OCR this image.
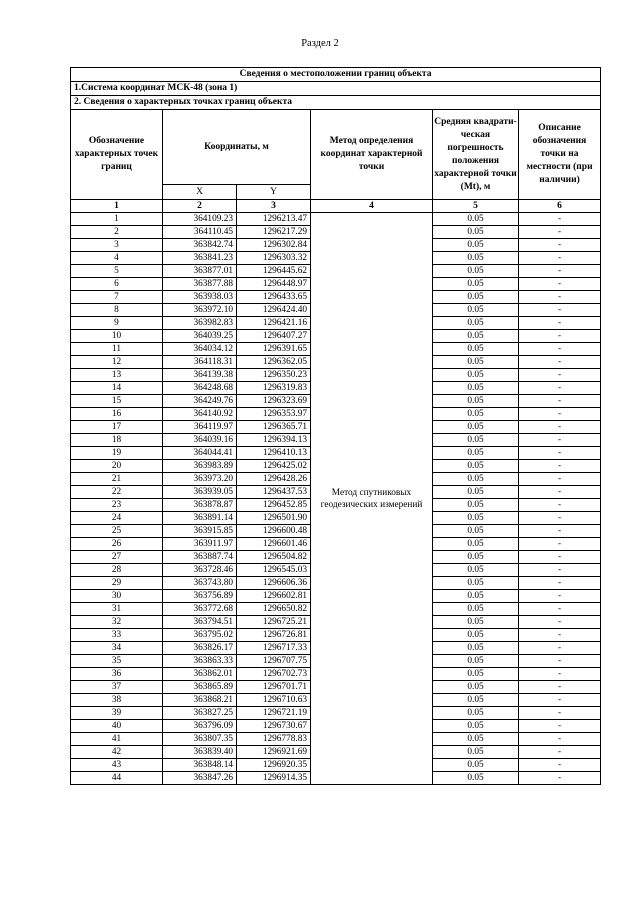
Раздел 2
Сведения о местоположении границ объекта					
1.Система координат МСК-48 (зона 1)					
2. Сведения о характерных точках границ объекта					
Обозначение характерных точек границ	Координаты, м		Метод определения координат характерной точки	Средняя квадрати-ческая погрешность положения характерной точки (Mt), м	Описание обозначения точки на местности (при наличии)
	X	Y			
1	2	3	4	5	6
1	364109.23	1296213.47	Метод спутниковых геодезических измерений	0.05	-
2	364110.45	1296217.29		0.05	-
3	363842.74	1296302.84		0.05	-
4	363841.23	1296303.32		0.05	-
5	363877.01	1296445.62		0.05	-
6	363877.88	1296448.97		0.05	-
7	363938.03	1296433.65		0.05	-
8	363972.10	1296424.40		0.05	-
9	363982.83	1296421.16		0.05	-
10	364039.25	1296407.27		0.05	-
11	364034.12	1296391.65		0.05	-
12	364118.31	1296362.05		0.05	-
13	364139.38	1296350.23		0.05	-
14	364248.68	1296319.83		0.05	-
15	364249.76	1296323.69		0.05	-
16	364140.92	1296353.97		0.05	-
17	364119.97	1296365.71		0.05	-
18	364039.16	1296394.13		0.05	-
19	364044.41	1296410.13		0.05	-
20	363983.89	1296425.02		0.05	-
21	363973.20	1296428.26		0.05	-
22	363939.05	1296437.53		0.05	-
23	363878.87	1296452.85		0.05	-
24	363891.14	1296501.90		0.05	-
25	363915.85	1296600.48		0.05	-
26	363911.97	1296601.46		0.05	-
27	363887.74	1296504.82		0.05	-
28	363728.46	1296545.03		0.05	-
29	363743.80	1296606.36		0.05	-
30	363756.89	1296602.81		0.05	-
31	363772.68	1296650.82		0.05	-
32	363794.51	1296725.21		0.05	-
33	363795.02	1296726.81		0.05	-
34	363826.17	1296717.33		0.05	-
35	363863.33	1296707.75		0.05	-
36	363862.01	1296702.73		0.05	-
37	363865.89	1296701.71		0.05	-
38	363868.21	1296710.63		0.05	-
39	363827.25	1296721.19		0.05	-
40	363796.09	1296730.67		0.05	-
41	363807.35	1296778.83		0.05	-
42	363839.40	1296921.69		0.05	-
43	363848.14	1296920.35		0.05	-
44	363847.26	1296914.35		0.05	-
